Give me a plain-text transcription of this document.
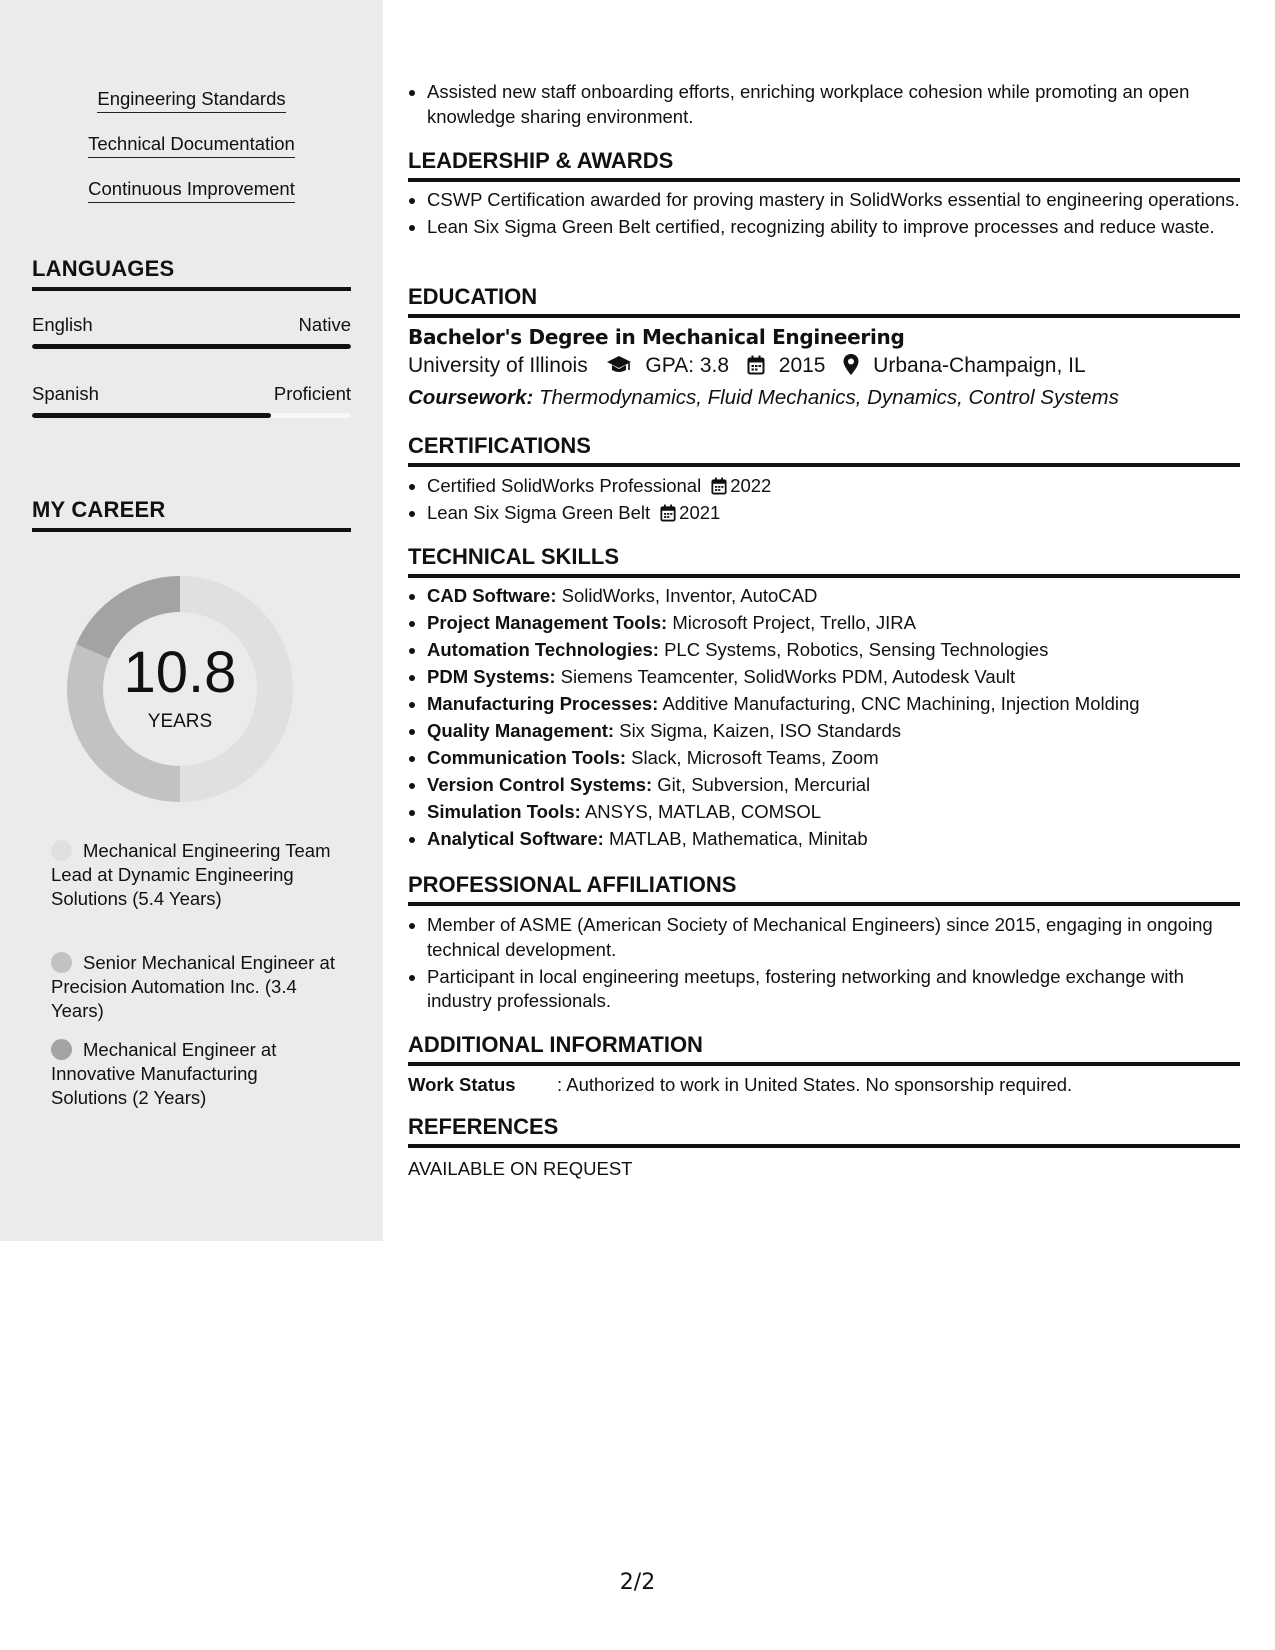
Engineering Standards
Technical Documentation
Continuous Improvement
LANGUAGES
English	Native
Spanish	Proficient
MY CAREER
10.8
YEARS
Mechanical Engineering Team Lead at Dynamic Engineering Solutions (5.4 Years)
Senior Mechanical Engineer at Precision Automation Inc. (3.4 Years)
Mechanical Engineer at Innovative Manufacturing Solutions (2 Years)
• Assisted new staff onboarding efforts, enriching workplace cohesion while promoting an open knowledge sharing environment.
LEADERSHIP & AWARDS
• CSWP Certification awarded for proving mastery in SolidWorks essential to engineering operations.
• Lean Six Sigma Green Belt certified, recognizing ability to improve processes and reduce waste.
EDUCATION
Bachelor's Degree in Mechanical Engineering
University of Illinois	GPA: 3.8 2015 Urbana-Champaign, IL
Coursework: Thermodynamics, Fluid Mechanics, Dynamics, Control Systems
CERTIFICATIONS
• Certified SolidWorks Professional 2022
• Lean Six Sigma Green Belt 2021
TECHNICAL SKILLS
• CAD Software: SolidWorks, Inventor, AutoCAD
• Project Management Tools: Microsoft Project, Trello, JIRA
• Automation Technologies: PLC Systems, Robotics, Sensing Technologies
• PDM Systems: Siemens Teamcenter, SolidWorks PDM, Autodesk Vault
• Manufacturing Processes: Additive Manufacturing, CNC Machining, Injection Molding
• Quality Management: Six Sigma, Kaizen, ISO Standards
• Communication Tools: Slack, Microsoft Teams, Zoom
• Version Control Systems: Git, Subversion, Mercurial
• Simulation Tools: ANSYS, MATLAB, COMSOL
• Analytical Software: MATLAB, Mathematica, Minitab
PROFESSIONAL AFFILIATIONS
• Member of ASME (American Society of Mechanical Engineers) since 2015, engaging in ongoing technical development.
• Participant in local engineering meetups, fostering networking and knowledge exchange with industry professionals.
ADDITIONAL INFORMATION
Work Status : Authorized to work in United States. No sponsorship required.
REFERENCES
AVAILABLE ON REQUEST
2/2
